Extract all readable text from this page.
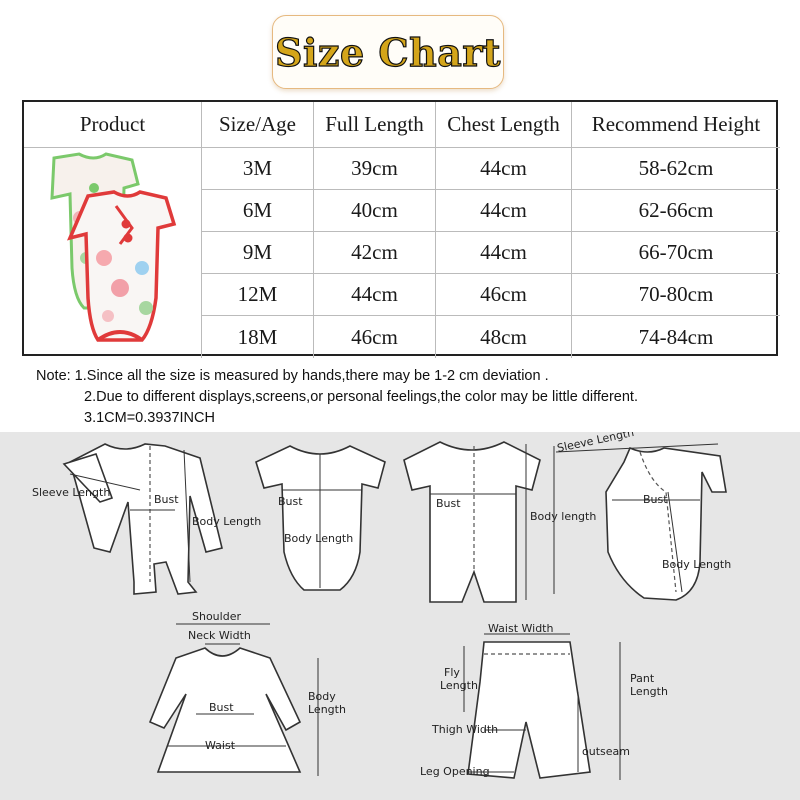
Size Chart
Product	Size/Age	Full Length	Chest Length	Recommend Height
3M	39cm	44cm	58-62cm
6M	40cm	44cm	62-66cm
9M	42cm	44cm	66-70cm
12M	44cm	46cm	70-80cm
18M	46cm	48cm	74-84cm
Note: 1.Since all the size is measured by hands,there may be 1-2 cm deviation .
2.Due to different displays,screens,or personal feelings,the color may be little different.
3.1CM=0.3937INCH
Sleeve Length
Bust
Body Length
Bust
Body Length
Bust
Body length
Sleeve Length
Bust
Body Length
Shoulder
Neck Width
Bust
Waist
Body
Length
Waist Width
Fly
Length
Pant
Length
Thigh Width
outseam
Leg Opening
